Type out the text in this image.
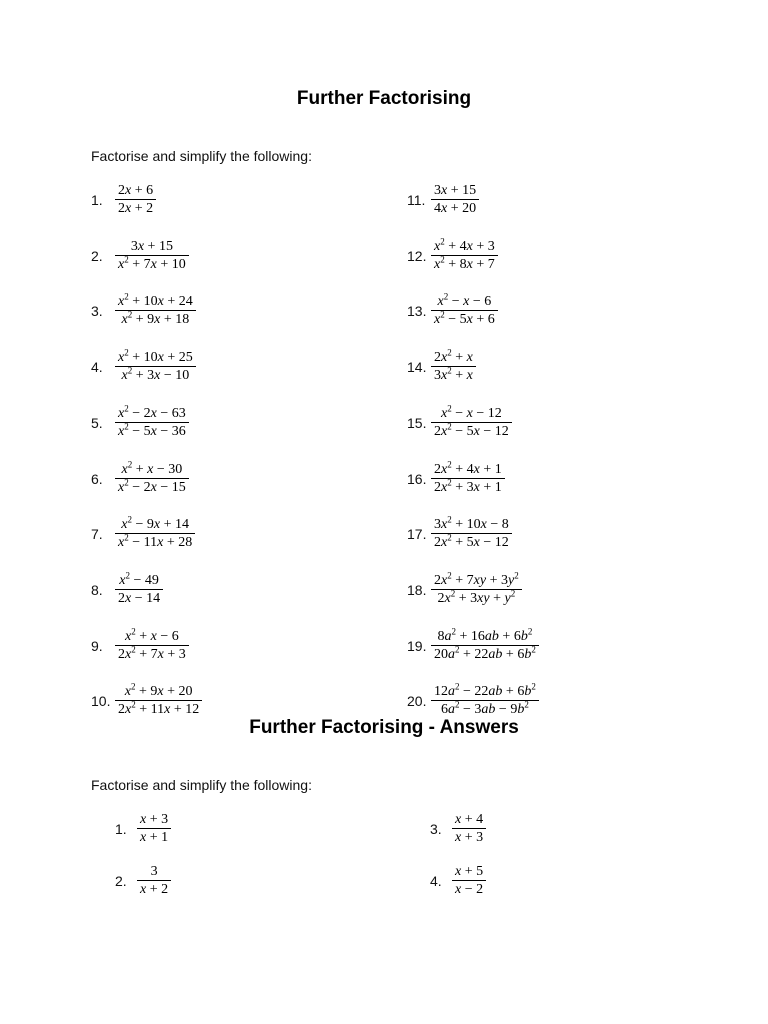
Further Factorising

Factorise and simplify the following:

1.
2x + 6
2x + 2
2.
3x + 15
$x^2 + 7x + 10$
3.
$x^2 + 10x + 24$
$x^2 + 9x + 18$
4.
$x^2 + 10x + 25$
$x^2 + 3x - 10$
5.
$x^2 - 2x - 63$
$x^2 - 5x - 36$
6.
$x^2 + x - 30$
$x^2 - 2x - 15$
7.
$x^2 - 9x + 14$
$x^2 - 11x + 28$
8.
$x^2 - 49$
2x − 14
9.
$x^2 + x - 6$
$2x^2 + 7x + 3$
10.
$x^2 + 9x + 20$
$2x^2 + 11x + 12$
11.
3x + 15
4x + 20
12.
$x^2 + 4x + 3$
$x^2 + 8x + 7$
13.
$x^2 - x - 6$
$x^2 - 5x + 6$
14.
$2x^2 + x$
$3x^2 + x$
15.
$x^2 - x - 12$
$2x^2 - 5x - 12$
16.
$2x^2 + 4x + 1$
$2x^2 + 3x + 1$
17.
$3x^2 + 10x - 8$
$2x^2 + 5x - 12$
18.
$2x^2 + 7xy + 3y^2$
$2x^2 + 3xy + y^2$
19.
$8a^2 + 16ab + 6b^2$
$20a^2 + 22ab + 6b^2$
20.
$12a^2 - 22ab + 6b^2$
$6a^2 - 3ab - 9b^2$
Further Factorising - Answers

Factorise and simplify the following:

1.
x + 3
x + 1
2.
3
x + 2
3.
x + 4
x + 3
4.
x + 5
x − 2
